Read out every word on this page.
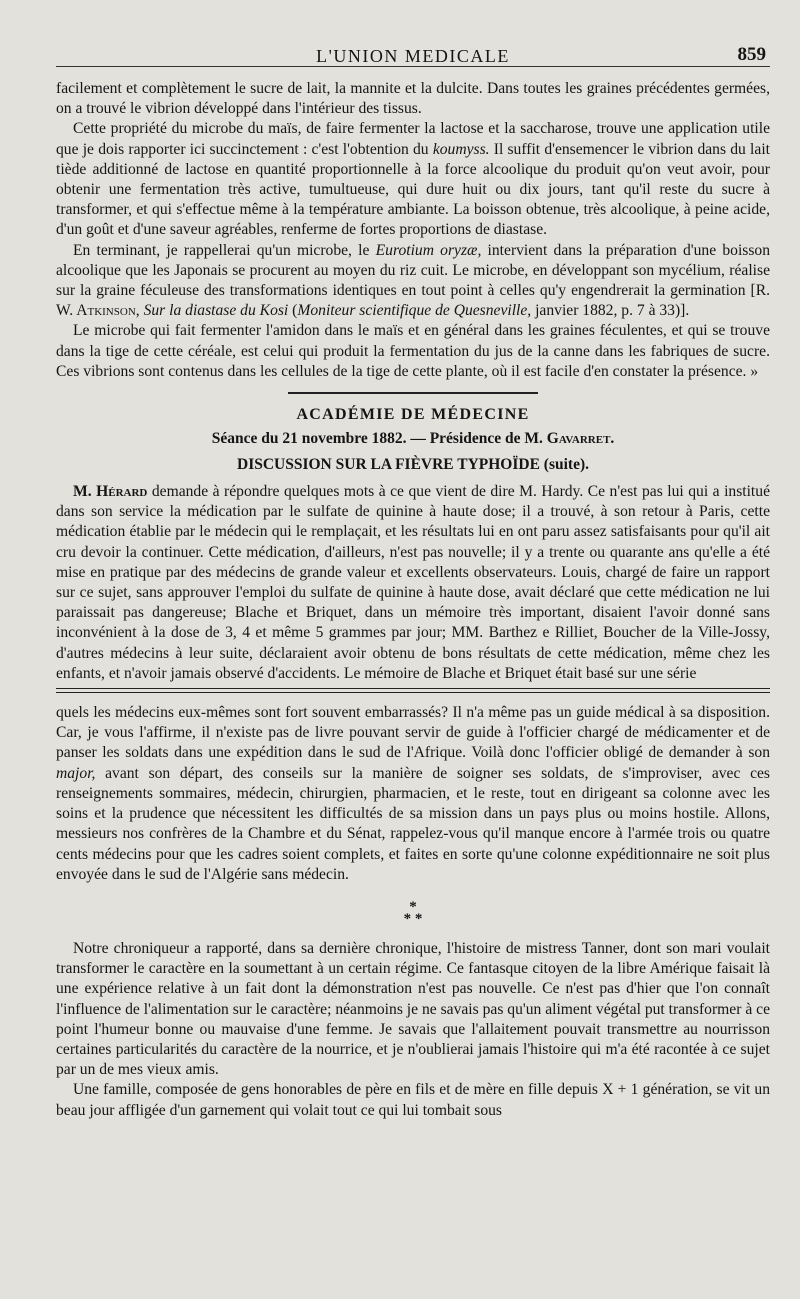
L'UNION MEDICALE	859

facilement et complètement le sucre de lait, la mannite et la dulcite. Dans toutes les graines précédentes germées, on a trouvé le vibrion développé dans l'intérieur des tissus.

Cette propriété du microbe du maïs, de faire fermenter la lactose et la saccharose, trouve une application utile que je dois rapporter ici succinctement : c'est l'obtention du koumyss. Il suffit d'ensemencer le vibrion dans du lait tiède additionné de lactose en quantité proportionnelle à la force alcoolique du produit qu'on veut avoir, pour obtenir une fermentation très active, tumultueuse, qui dure huit ou dix jours, tant qu'il reste du sucre à transformer, et qui s'effectue même à la température ambiante. La boisson obtenue, très alcoolique, à peine acide, d'un goût et d'une saveur agréables, renferme de fortes proportions de diastase.

En terminant, je rappellerai qu'un microbe, le Eurotium oryzæ, intervient dans la préparation d'une boisson alcoolique que les Japonais se procurent au moyen du riz cuit. Le microbe, en développant son mycélium, réalise sur la graine féculeuse des transformations identiques en tout point à celles qu'y engendrerait la germination [R. W. Atkinson, Sur la diastase du Kosi (Moniteur scientifique de Quesneville, janvier 1882, p. 7 à 33)].

Le microbe qui fait fermenter l'amidon dans le maïs et en général dans les graines féculentes, et qui se trouve dans la tige de cette céréale, est celui qui produit la fermentation du jus de la canne dans les fabriques de sucre. Ces vibrions sont contenus dans les cellules de la tige de cette plante, où il est facile d'en constater la présence. »

ACADÉMIE DE MÉDECINE
Séance du 21 novembre 1882. — Présidence de M. Gavarret.
DISCUSSION SUR LA FIÈVRE TYPHOÏDE (suite).

M. Hérard demande à répondre quelques mots à ce que vient de dire M. Hardy. Ce n'est pas lui qui a institué dans son service la médication par le sulfate de quinine à haute dose; il a trouvé, à son retour à Paris, cette médication établie par le médecin qui le remplaçait, et les résultats lui en ont paru assez satisfaisants pour qu'il ait cru devoir la continuer. Cette médication, d'ailleurs, n'est pas nouvelle; il y a trente ou quarante ans qu'elle a été mise en pratique par des médecins de grande valeur et excellents observateurs. Louis, chargé de faire un rapport sur ce sujet, sans approuver l'emploi du sulfate de quinine à haute dose, avait déclaré que cette médication ne lui paraissait pas dangereuse; Blache et Briquet, dans un mémoire très important, disaient l'avoir donné sans inconvénient à la dose de 3, 4 et même 5 grammes par jour; MM. Barthez e Rilliet, Boucher de la Ville-Jossy, d'autres médecins à leur suite, déclaraient avoir obtenu de bons résultats de cette médication, même chez les enfants, et n'avoir jamais observé d'accidents. Le mémoire de Blache et Briquet était basé sur une série

quels les médecins eux-mêmes sont fort souvent embarrassés? Il n'a même pas un guide médical à sa disposition. Car, je vous l'affirme, il n'existe pas de livre pouvant servir de guide à l'officier chargé de médicamenter et de panser les soldats dans une expédition dans le sud de l'Afrique. Voilà donc l'officier obligé de demander à son major, avant son départ, des conseils sur la manière de soigner ses soldats, de s'improviser, avec ces renseignements sommaires, médecin, chirurgien, pharmacien, et le reste, tout en dirigeant sa colonne avec les soins et la prudence que nécessitent les difficultés de sa mission dans un pays plus ou moins hostile. Allons, messieurs nos confrères de la Chambre et du Sénat, rappelez-vous qu'il manque encore à l'armée trois ou quatre cents médecins pour que les cadres soient complets, et faites en sorte qu'une colonne expéditionnaire ne soit plus envoyée dans le sud de l'Algérie sans médecin.

*
* *

Notre chroniqueur a rapporté, dans sa dernière chronique, l'histoire de mistress Tanner, dont son mari voulait transformer le caractère en la soumettant à un certain régime. Ce fantasque citoyen de la libre Amérique faisait là une expérience relative à un fait dont la démonstration n'est pas nouvelle. Ce n'est pas d'hier que l'on connaît l'influence de l'alimentation sur le caractère; néanmoins je ne savais pas qu'un aliment végétal put transformer à ce point l'humeur bonne ou mauvaise d'une femme. Je savais que l'allaitement pouvait transmettre au nourrisson certaines particularités du caractère de la nourrice, et je n'oublierai jamais l'histoire qui m'a été racontée à ce sujet par un de mes vieux amis.

Une famille, composée de gens honorables de père en fils et de mère en fille depuis X + 1 génération, se vit un beau jour affligée d'un garnement qui volait tout ce qui lui tombait sous
